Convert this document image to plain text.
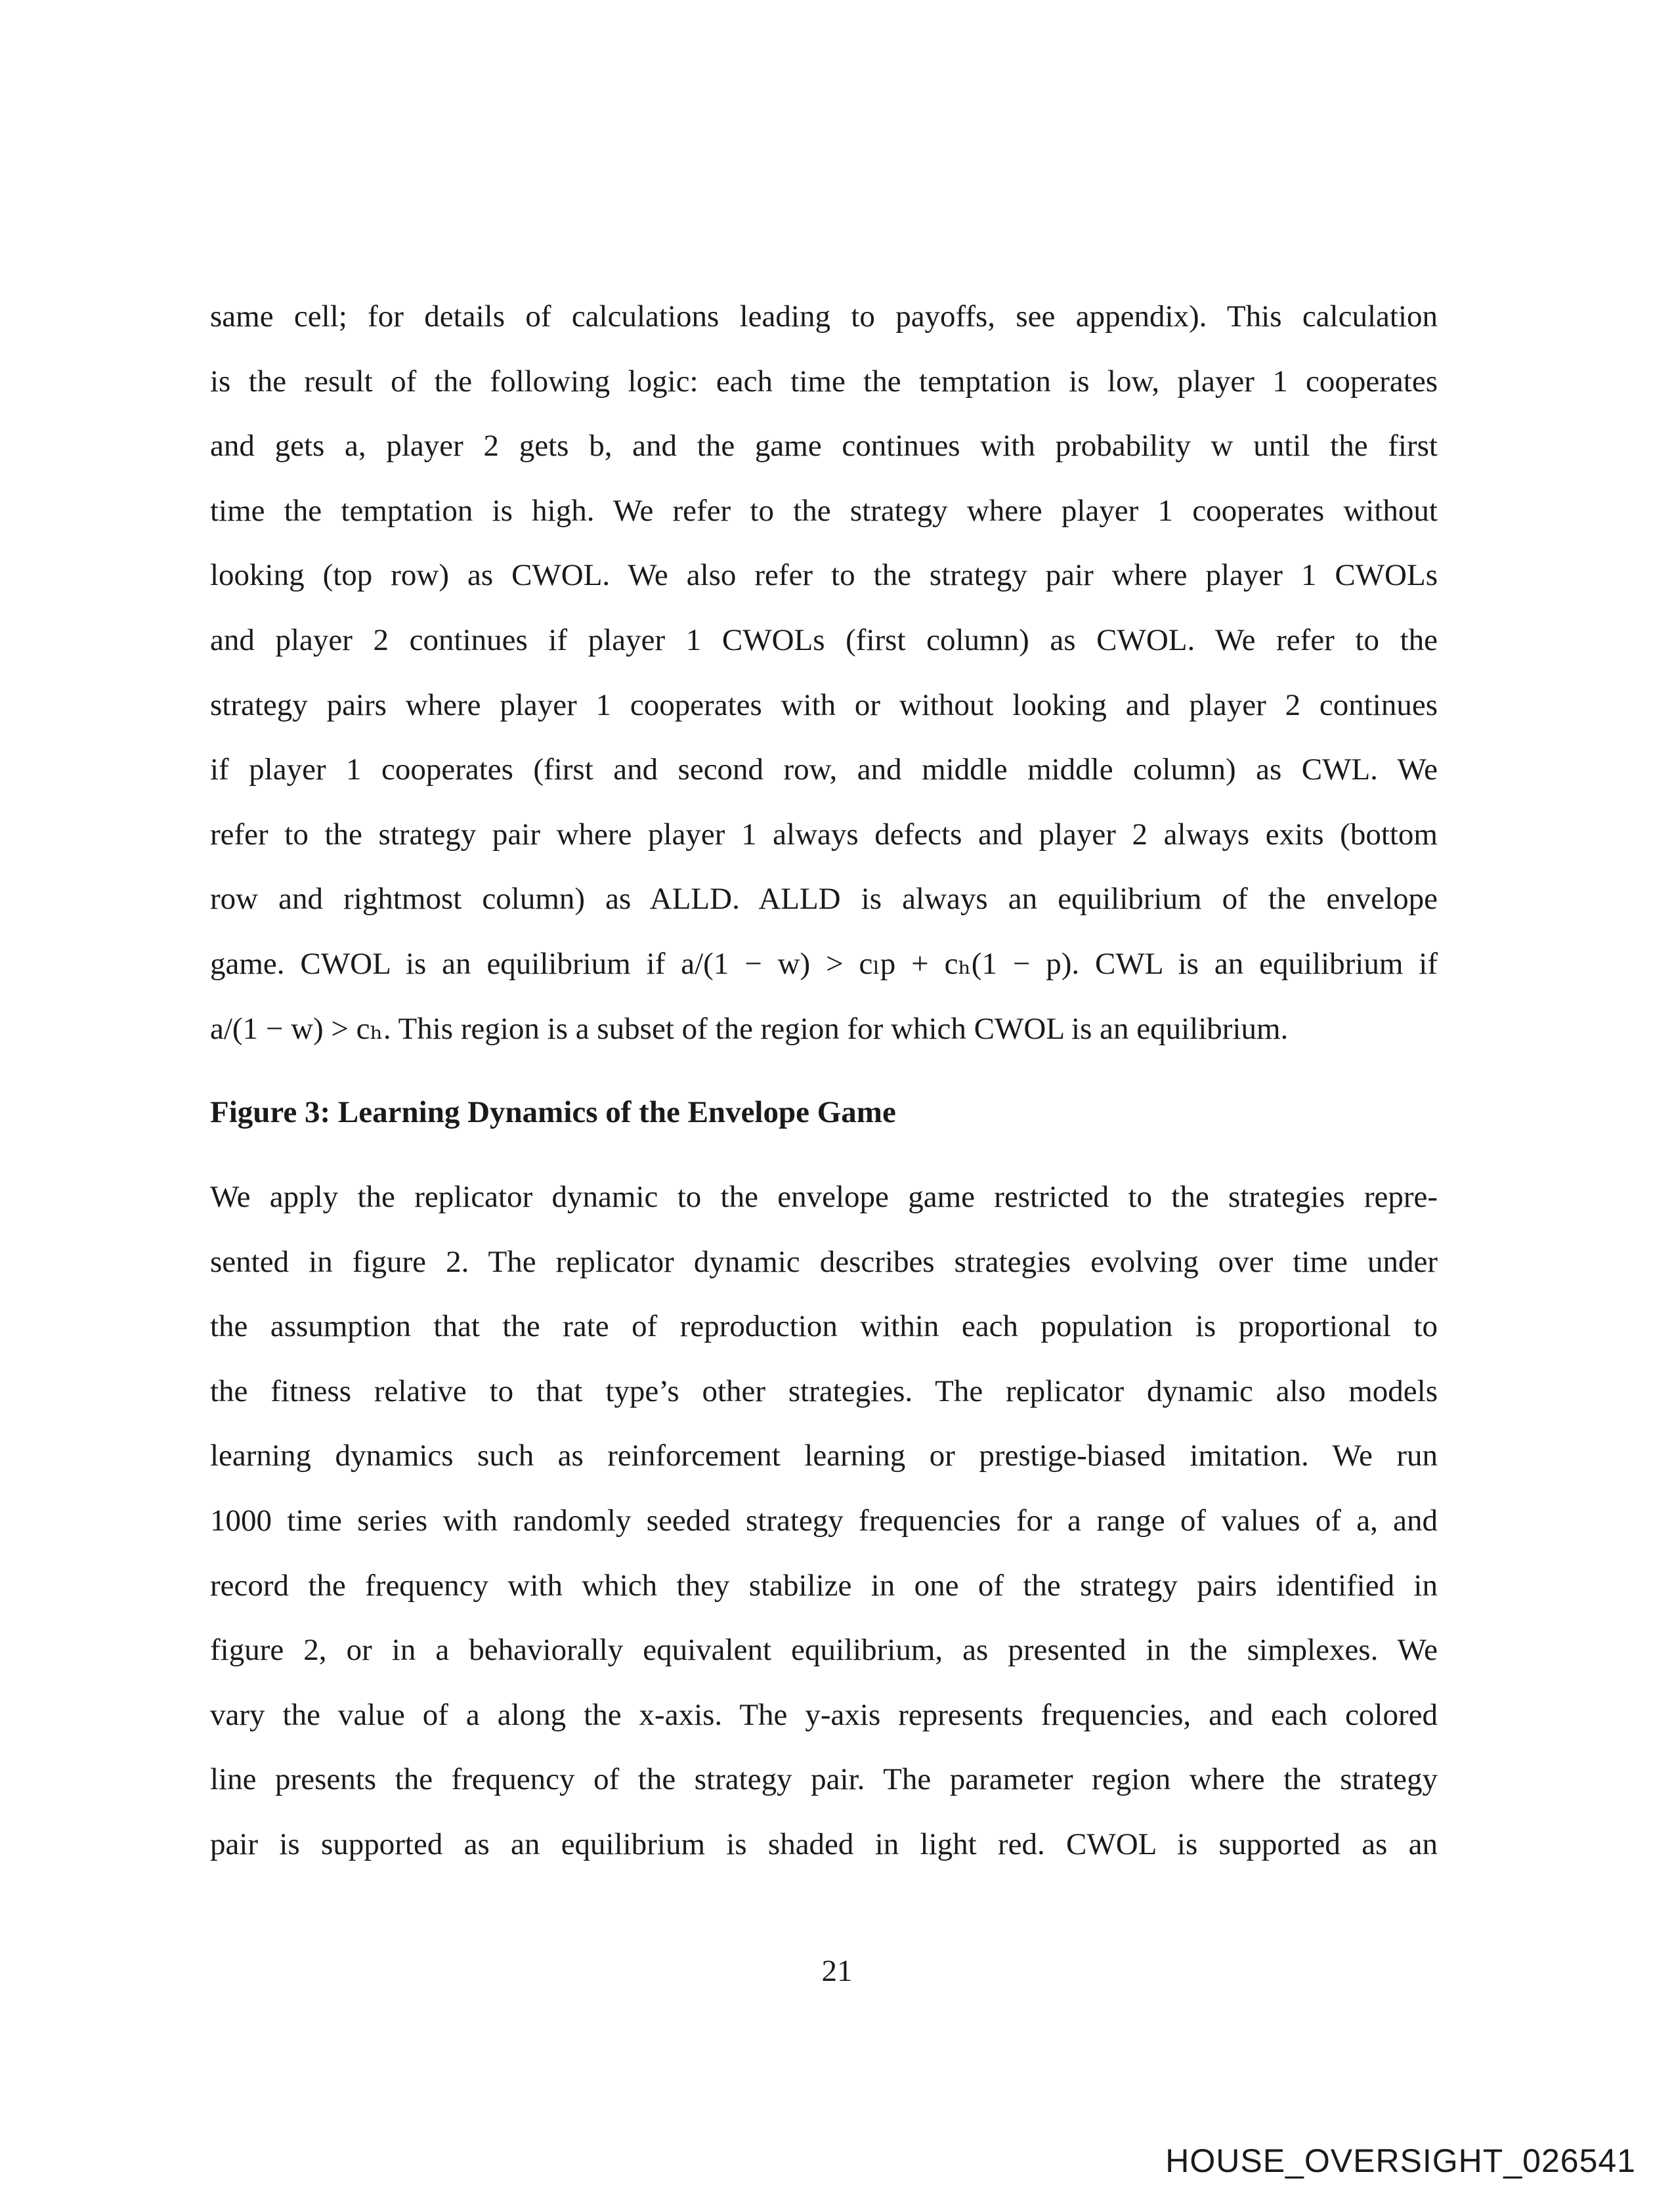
same cell; for details of calculations leading to payoffs, see appendix). This calculation
is the result of the following logic: each time the temptation is low, player 1 cooperates
and gets a, player 2 gets b, and the game continues with probability w until the first
time the temptation is high. We refer to the strategy where player 1 cooperates without
looking (top row) as CWOL. We also refer to the strategy pair where player 1 CWOLs
and player 2 continues if player 1 CWOLs (first column) as CWOL. We refer to the
strategy pairs where player 1 cooperates with or without looking and player 2 continues
if player 1 cooperates (first and second row, and middle middle column) as CWL. We
refer to the strategy pair where player 1 always defects and player 2 always exits (bottom
row and rightmost column) as ALLD. ALLD is always an equilibrium of the envelope
game. CWOL is an equilibrium if a/(1 − w) > cₗp + cₕ(1 − p). CWL is an equilibrium if
a/(1 − w) > cₕ. This region is a subset of the region for which CWOL is an equilibrium.
Figure 3: Learning Dynamics of the Envelope Game
We apply the replicator dynamic to the envelope game restricted to the strategies repre-
sented in figure 2. The replicator dynamic describes strategies evolving over time under
the assumption that the rate of reproduction within each population is proportional to
the fitness relative to that type’s other strategies. The replicator dynamic also models
learning dynamics such as reinforcement learning or prestige-biased imitation. We run
1000 time series with randomly seeded strategy frequencies for a range of values of a, and
record the frequency with which they stabilize in one of the strategy pairs identified in
figure 2, or in a behaviorally equivalent equilibrium, as presented in the simplexes. We
vary the value of a along the x-axis. The y-axis represents frequencies, and each colored
line presents the frequency of the strategy pair. The parameter region where the strategy
pair is supported as an equilibrium is shaded in light red. CWOL is supported as an
21
HOUSE_OVERSIGHT_026541
